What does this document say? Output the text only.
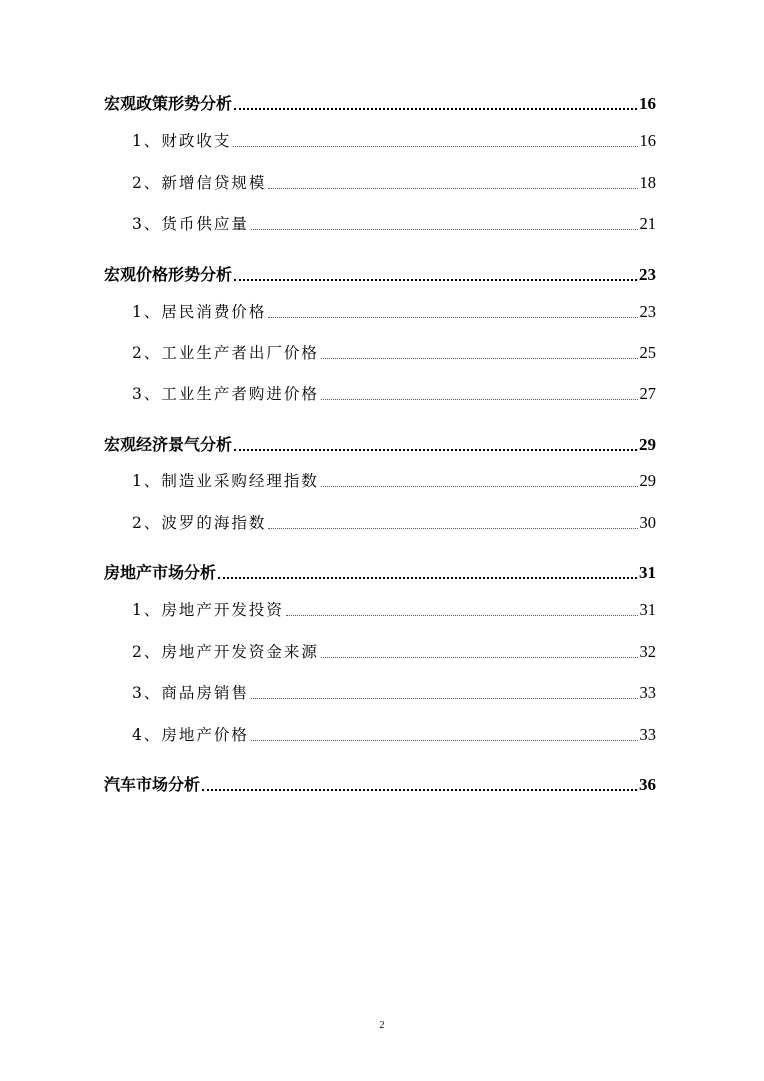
宏观政策形势分析	16
1、财政收支	16
2、新增信贷规模	18
3、货币供应量	21
宏观价格形势分析	23
1、居民消费价格	23
2、工业生产者出厂价格	25
3、工业生产者购进价格	27
宏观经济景气分析	29
1、制造业采购经理指数	29
2、波罗的海指数	30
房地产市场分析	31
1、房地产开发投资	31
2、房地产开发资金来源	32
3、商品房销售	33
4、房地产价格	33
汽车市场分析	36
2
